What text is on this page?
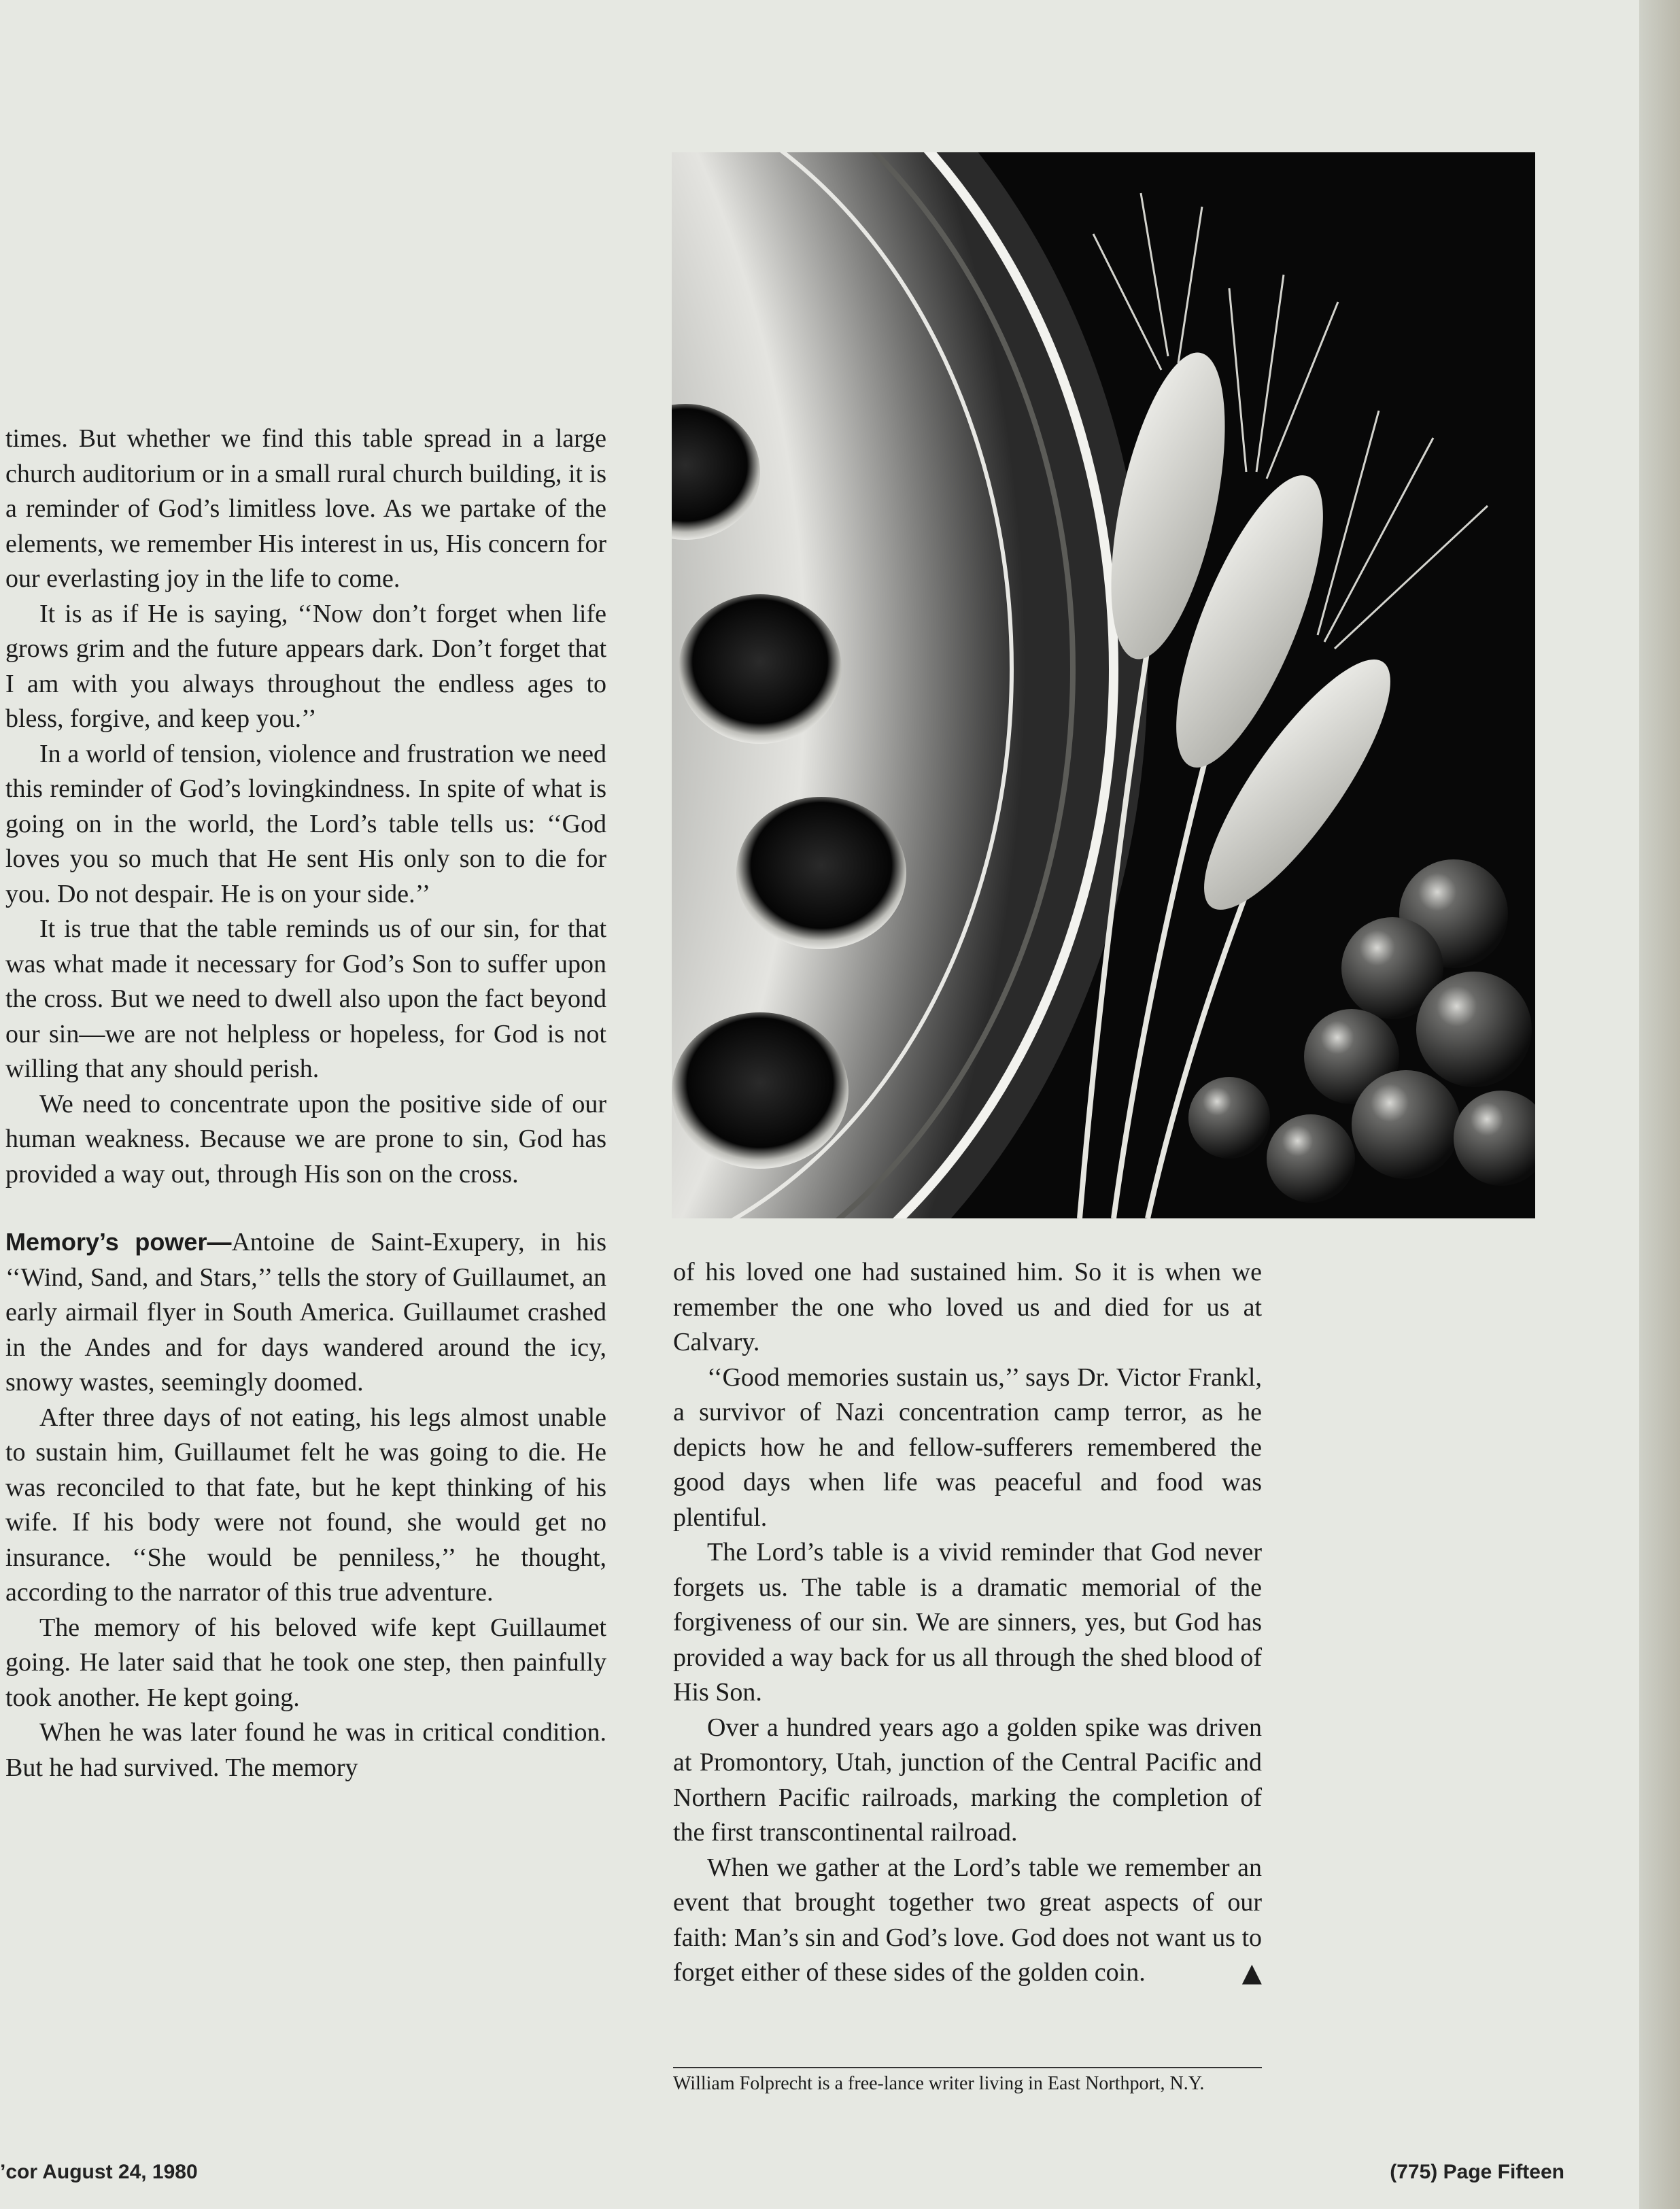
times. But whether we find this table spread in a large church auditorium or in a small rural church building, it is a reminder of God’s limitless love. As we partake of the elements, we remember His interest in us, His concern for our everlasting joy in the life to come.

It is as if He is saying, ‘‘Now don’t forget when life grows grim and the future appears dark. Don’t forget that I am with you always throughout the endless ages to bless, forgive, and keep you.’’

In a world of tension, violence and frustration we need this reminder of God’s lovingkindness. In spite of what is going on in the world, the Lord’s table tells us: ‘‘God loves you so much that He sent His only son to die for you. Do not despair. He is on your side.’’

It is true that the table reminds us of our sin, for that was what made it necessary for God’s Son to suffer upon the cross. But we need to dwell also upon the fact beyond our sin—we are not helpless or hopeless, for God is not willing that any should perish.

We need to concentrate upon the positive side of our human weakness. Because we are prone to sin, God has provided a way out, through His son on the cross.

Memory’s power—Antoine de Saint-Exupery, in his ‘‘Wind, Sand, and Stars,’’ tells the story of Guillaumet, an early airmail flyer in South America. Guillaumet crashed in the Andes and for days wandered around the icy, snowy wastes, seemingly doomed.

After three days of not eating, his legs almost unable to sustain him, Guillaumet felt he was going to die. He was reconciled to that fate, but he kept thinking of his wife. If his body were not found, she would get no insurance. ‘‘She would be penniless,’’ he thought, according to the narrator of this true adventure.

The memory of his beloved wife kept Guillaumet going. He later said that he took one step, then painfully took another. He kept going.

When he was later found he was in critical condition. But he had survived. The memory

of his loved one had sustained him. So it is when we remember the one who loved us and died for us at Calvary.

‘‘Good memories sustain us,’’ says Dr. Victor Frankl, a survivor of Nazi concentration camp terror, as he depicts how he and fellow-sufferers remembered the good days when life was peaceful and food was plentiful.

The Lord’s table is a vivid reminder that God never forgets us. The table is a dramatic memorial of the forgiveness of our sin. We are sinners, yes, but God has provided a way back for us all through the shed blood of His Son.

Over a hundred years ago a golden spike was driven at Promontory, Utah, junction of the Central Pacific and Northern Pacific railroads, marking the completion of the first transcontinental railroad.

When we gather at the Lord’s table we remember an event that brought together two great aspects of our faith: Man’s sin and God’s love. God does not want us to forget either of these sides of the golden coin.	▲

William Folprecht is a free-lance writer living in East Northport, N.Y.
’cor August 24, 1980	(775) Page Fifteen
